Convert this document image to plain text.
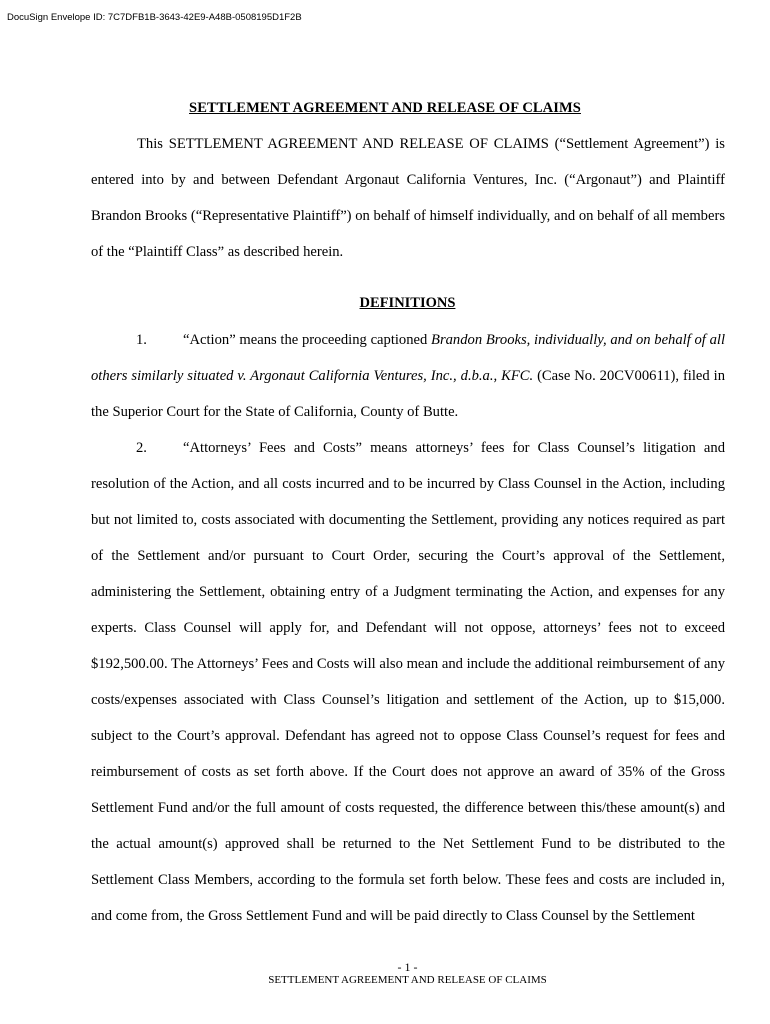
DocuSign Envelope ID: 7C7DFB1B-3643-42E9-A48B-0508195D1F2B
SETTLEMENT AGREEMENT AND RELEASE OF CLAIMS

This SETTLEMENT AGREEMENT AND RELEASE OF CLAIMS (“Settlement Agreement”) is entered into by and between Defendant Argonaut California Ventures, Inc. (“Argonaut”) and Plaintiff Brandon Brooks (“Representative Plaintiff”) on behalf of himself individually, and on behalf of all members of the “Plaintiff Class” as described herein.

DEFINITIONS

1. “Action” means the proceeding captioned Brandon Brooks, individually, and on behalf of all others similarly situated v. Argonaut California Ventures, Inc., d.b.a., KFC. (Case No. 20CV00611), filed in the Superior Court for the State of California, County of Butte.

2. “Attorneys’ Fees and Costs” means attorneys’ fees for Class Counsel’s litigation and resolution of the Action, and all costs incurred and to be incurred by Class Counsel in the Action, including but not limited to, costs associated with documenting the Settlement, providing any notices required as part of the Settlement and/or pursuant to Court Order, securing the Court’s approval of the Settlement, administering the Settlement, obtaining entry of a Judgment terminating the Action, and expenses for any experts. Class Counsel will apply for, and Defendant will not oppose, attorneys’ fees not to exceed $192,500.00. The Attorneys’ Fees and Costs will also mean and include the additional reimbursement of any costs/expenses associated with Class Counsel’s litigation and settlement of the Action, up to $15,000. subject to the Court’s approval. Defendant has agreed not to oppose Class Counsel’s request for fees and reimbursement of costs as set forth above. If the Court does not approve an award of 35% of the Gross Settlement Fund and/or the full amount of costs requested, the difference between this/these amount(s) and the actual amount(s) approved shall be returned to the Net Settlement Fund to be distributed to the Settlement Class Members, according to the formula set forth below. These fees and costs are included in, and come from, the Gross Settlement Fund and will be paid directly to Class Counsel by the Settlement

- 1 -
SETTLEMENT AGREEMENT AND RELEASE OF CLAIMS
